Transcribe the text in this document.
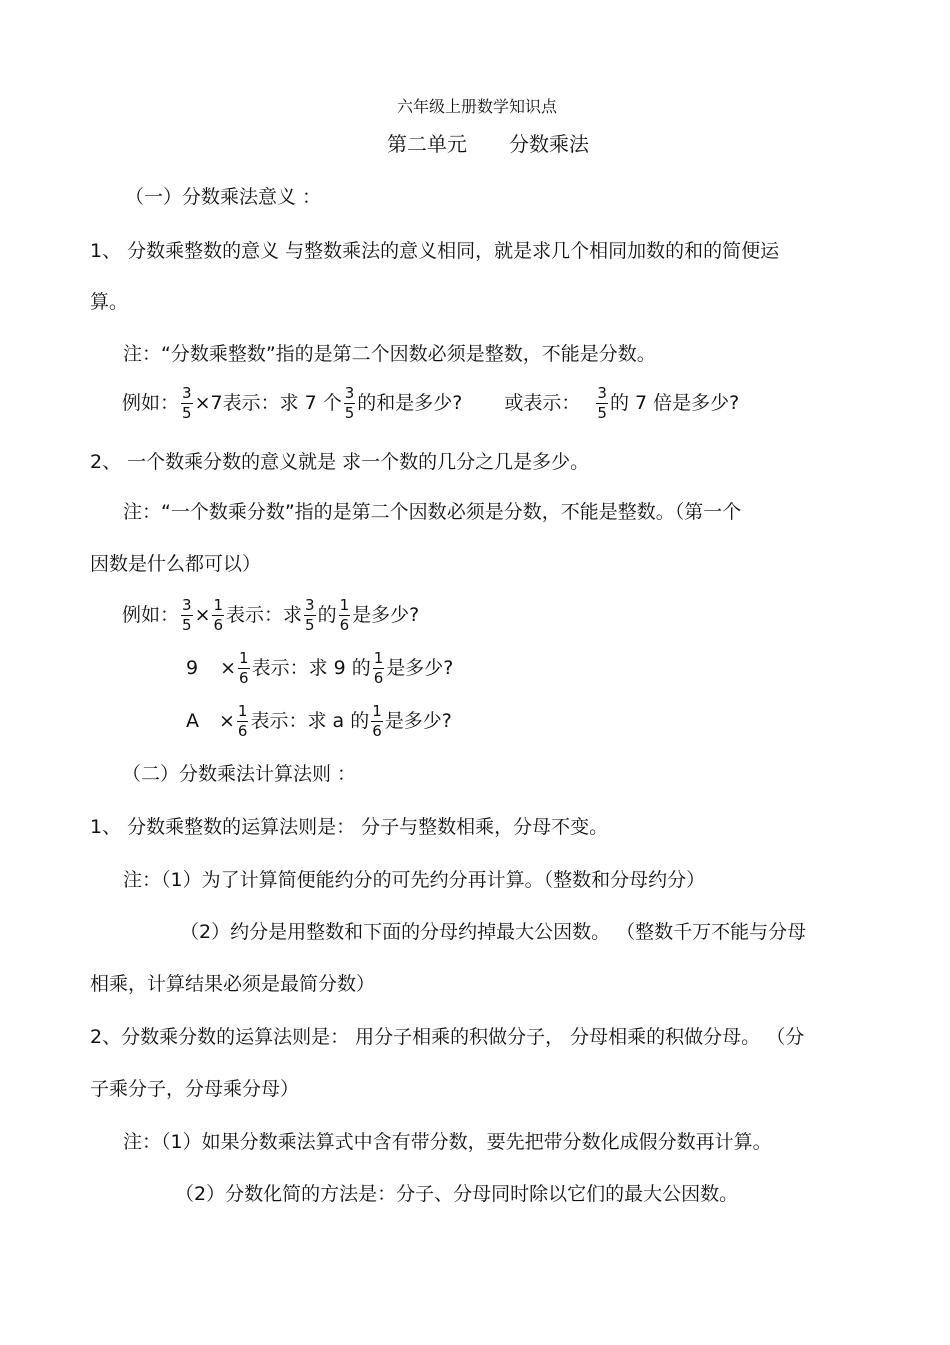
六年级上册数学知识点
第二单元 分数乘法
（一）分数乘法意义 ：
1、 分数乘整数的意义 与整数乘法的意义相同，就是求几个相同加数的和的简便运
算。
注：“分数乘整数”指的是第二个因数必须是整数，不能是分数。
例如： $\frac{3}{5} \times 7$表示：求 7 个 $\frac{3}{5}$ 的和是多少? 或表示： $\frac{3}{5}$ 的 7 倍是多少?
2、 一个数乘分数的意义就是 求一个数的几分之几是多少。
注：“一个数乘分数”指的是第二个因数必须是分数，不能是整数。（第一个
因数是什么都可以）
例如： $\frac{3}{5} \times \frac{1}{6}$ 表示：求 $\frac{3}{5}$ 的 $\frac{1}{6}$ 是多少?
$9 \times \frac{1}{6}$ 表示：求 9 的 $\frac{1}{6}$ 是多少?
$A \times \frac{1}{6}$ 表示：求 a 的 $\frac{1}{6}$ 是多少?
（二）分数乘法计算法则 ：
1、 分数乘整数的运算法则是： 分子与整数相乘，分母不变。
注：（1）为了计算简便能约分的可先约分再计算。（整数和分母约分）
（2）约分是用整数和下面的分母约掉最大公因数。 （整数千万不能与分母
相乘，计算结果必须是最简分数）
2、分数乘分数的运算法则是： 用分子相乘的积做分子， 分母相乘的积做分母。 （分
子乘分子，分母乘分母）
注：（1）如果分数乘法算式中含有带分数，要先把带分数化成假分数再计算。
（2）分数化简的方法是：分子、分母同时除以它们的最大公因数。
